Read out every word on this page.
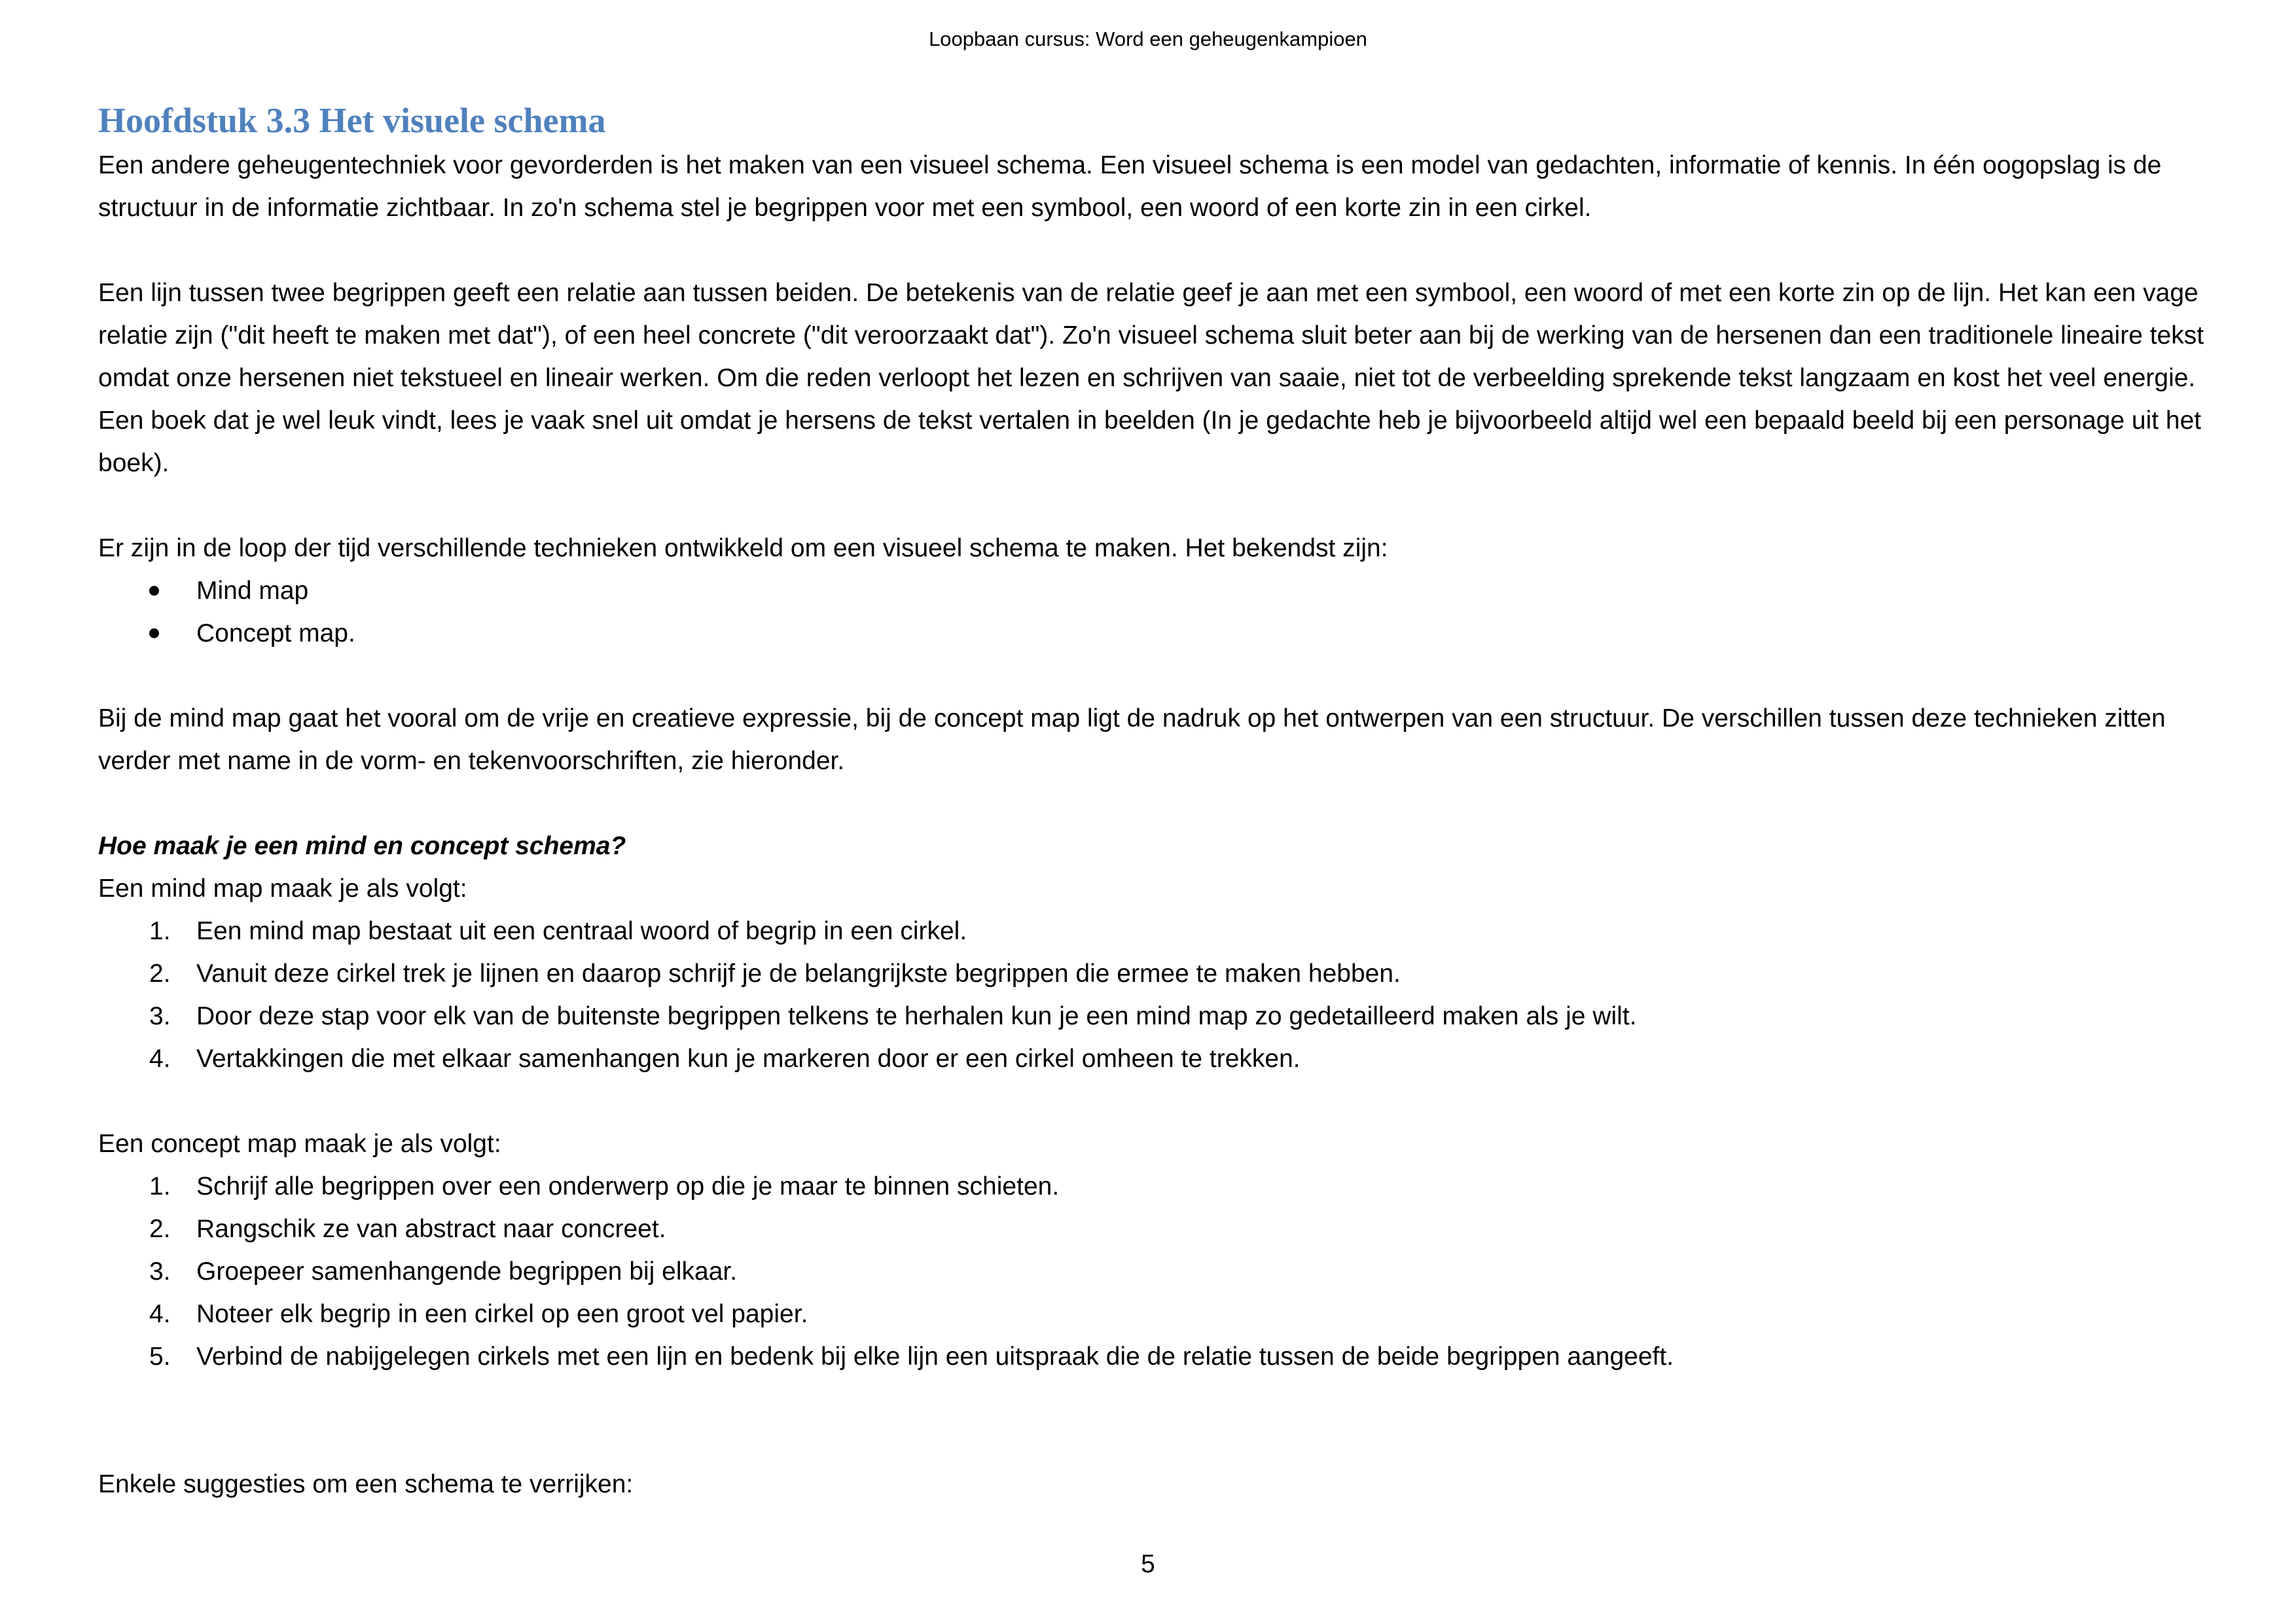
Loopbaan cursus: Word een geheugenkampioen
Hoofdstuk 3.3 Het visuele schema

Een andere geheugentechniek voor gevorderden is het maken van een visueel schema. Een visueel schema is een model van gedachten, informatie of kennis. In één oogopslag is de structuur in de informatie zichtbaar. In zo'n schema stel je begrippen voor met een symbool, een woord of een korte zin in een cirkel.

Een lijn tussen twee begrippen geeft een relatie aan tussen beiden. De betekenis van de relatie geef je aan met een symbool, een woord of met een korte zin op de lijn. Het kan een vage relatie zijn ("dit heeft te maken met dat"), of een heel concrete ("dit veroorzaakt dat"). Zo'n visueel schema sluit beter aan bij de werking van de hersenen dan een traditionele lineaire tekst omdat onze hersenen niet tekstueel en lineair werken. Om die reden verloopt het lezen en schrijven van saaie, niet tot de verbeelding sprekende tekst langzaam en kost het veel energie. Een boek dat je wel leuk vindt, lees je vaak snel uit omdat je hersens de tekst vertalen in beelden (In je gedachte heb je bijvoorbeeld altijd wel een bepaald beeld bij een personage uit het boek).

Er zijn in de loop der tijd verschillende technieken ontwikkeld om een visueel schema te maken. Het bekendst zijn:

Mind map
Concept map.

Bij de mind map gaat het vooral om de vrije en creatieve expressie, bij de concept map ligt de nadruk op het ontwerpen van een structuur. De verschillen tussen deze technieken zitten verder met name in de vorm- en tekenvoorschriften, zie hieronder.

Hoe maak je een mind en concept schema?

Een mind map maak je als volgt:

1.	Een mind map bestaat uit een centraal woord of begrip in een cirkel.
2.	Vanuit deze cirkel trek je lijnen en daarop schrijf je de belangrijkste begrippen die ermee te maken hebben.
3.	Door deze stap voor elk van de buitenste begrippen telkens te herhalen kun je een mind map zo gedetailleerd maken als je wilt.
4.	Vertakkingen die met elkaar samenhangen kun je markeren door er een cirkel omheen te trekken.

Een concept map maak je als volgt:

1.	Schrijf alle begrippen over een onderwerp op die je maar te binnen schieten.
2.	Rangschik ze van abstract naar concreet.
3.	Groepeer samenhangende begrippen bij elkaar.
4.	Noteer elk begrip in een cirkel op een groot vel papier.
5.	Verbind de nabijgelegen cirkels met een lijn en bedenk bij elke lijn een uitspraak die de relatie tussen de beide begrippen aangeeft.

Enkele suggesties om een schema te verrijken:

5
